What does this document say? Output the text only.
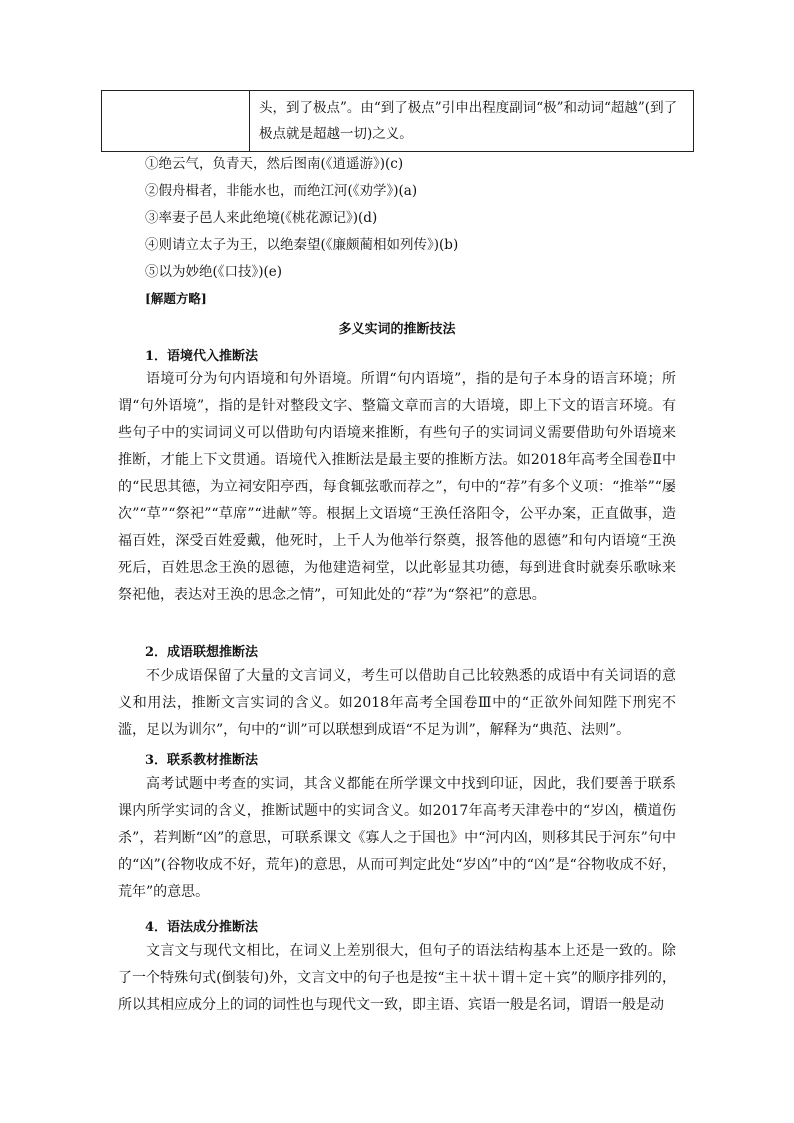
头，到了极点”。由“到了极点”引申出程度副词“极”和动词“超越”(到了极点就是超越一切)之义。
①绝云气，负青天，然后图南(《逍遥游》)(c)
②假舟楫者，非能水也，而绝江河(《劝学》)(a)
③率妻子邑人来此绝境(《桃花源记》)(d)
④则请立太子为王，以绝秦望(《廉颇蔺相如列传》)(b)
⑤以为妙绝(《口技》)(e)
[解题方略]
多义实词的推断技法
1．语境代入推断法

语境可分为句内语境和句外语境。所谓“句内语境”，指的是句子本身的语言环境；所谓“句外语境”，指的是针对整段文字、整篇文章而言的大语境，即上下文的语言环境。有些句子中的实词词义可以借助句内语境来推断，有些句子的实词词义需要借助句外语境来推断，才能上下文贯通。语境代入推断法是最主要的推断方法。如2018年高考全国卷Ⅱ中的“民思其德，为立祠安阳亭西，每食辄弦歌而荐之”，句中的“荐”有多个义项：“推举”“屡次”“草”“祭祀”“草席”“进献”等。根据上文语境“王涣任洛阳令，公平办案，正直做事，造福百姓，深受百姓爱戴，他死时，上千人为他举行祭奠，报答他的恩德”和句内语境“王涣死后，百姓思念王涣的恩德，为他建造祠堂，以此彰显其功德，每到进食时就奏乐歌咏来祭祀他，表达对王涣的思念之情”，可知此处的“荐”为“祭祀”的意思。

2．成语联想推断法

不少成语保留了大量的文言词义，考生可以借助自己比较熟悉的成语中有关词语的意义和用法，推断文言实词的含义。如2018年高考全国卷Ⅲ中的“正欲外间知陛下刑宪不滥，足以为训尔”，句中的“训”可以联想到成语“不足为训”，解释为“典范、法则”。

3．联系教材推断法

高考试题中考查的实词，其含义都能在所学课文中找到印证，因此，我们要善于联系课内所学实词的含义，推断试题中的实词含义。如2017年高考天津卷中的“岁凶，横道伤杀”，若判断“凶”的意思，可联系课文《寡人之于国也》中“河内凶，则移其民于河东”句中的“凶”(谷物收成不好，荒年)的意思，从而可判定此处“岁凶”中的“凶”是“谷物收成不好，荒年”的意思。

4．语法成分推断法

文言文与现代文相比，在词义上差别很大，但句子的语法结构基本上还是一致的。除了一个特殊句式(倒装句)外，文言文中的句子也是按“主＋状＋谓＋定＋宾”的顺序排列的，所以其相应成分上的词的词性也与现代文一致，即主语、宾语一般是名词，谓语一般是动
